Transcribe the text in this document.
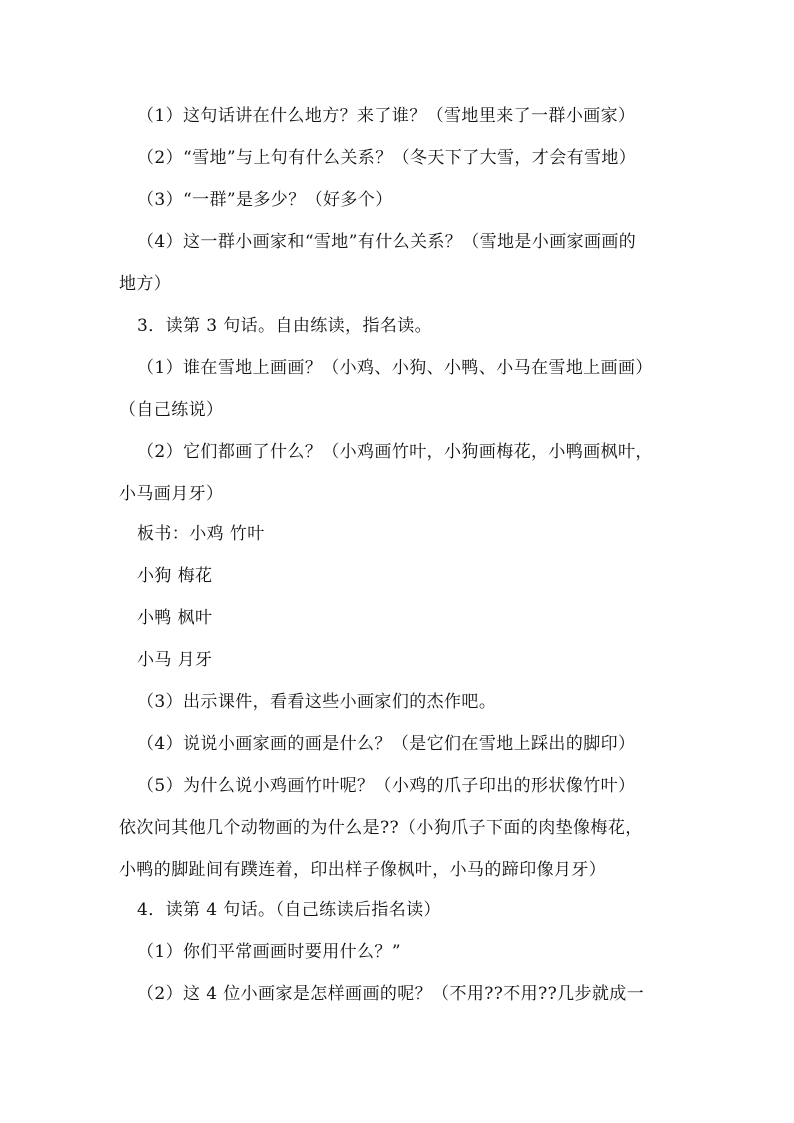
（1）这句话讲在什么地方？来了谁？（雪地里来了一群小画家）
（2）“雪地”与上句有什么关系？（冬天下了大雪，才会有雪地）
（3）“一群”是多少？（好多个）
（4）这一群小画家和“雪地”有什么关系？（雪地是小画家画画的
地方）
3．读第 3 句话。自由练读，指名读。
（1）谁在雪地上画画？（小鸡、小狗、小鸭、小马在雪地上画画）
（自己练说）
（2）它们都画了什么？（小鸡画竹叶，小狗画梅花，小鸭画枫叶，
小马画月牙）
板书：小鸡 竹叶
小狗 梅花
小鸭 枫叶
小马 月牙
（3）出示课件，看看这些小画家们的杰作吧。
（4）说说小画家画的画是什么？（是它们在雪地上踩出的脚印）
（5）为什么说小鸡画竹叶呢？（小鸡的爪子印出的形状像竹叶）
依次问其他几个动物画的为什么是??（小狗爪子下面的肉垫像梅花，
小鸭的脚趾间有蹼连着，印出样子像枫叶，小马的蹄印像月牙）
4．读第 4 句话。（自己练读后指名读）
（1）你们平常画画时要用什么？”
（2）这 4 位小画家是怎样画画的呢？（不用??不用??几步就成一
